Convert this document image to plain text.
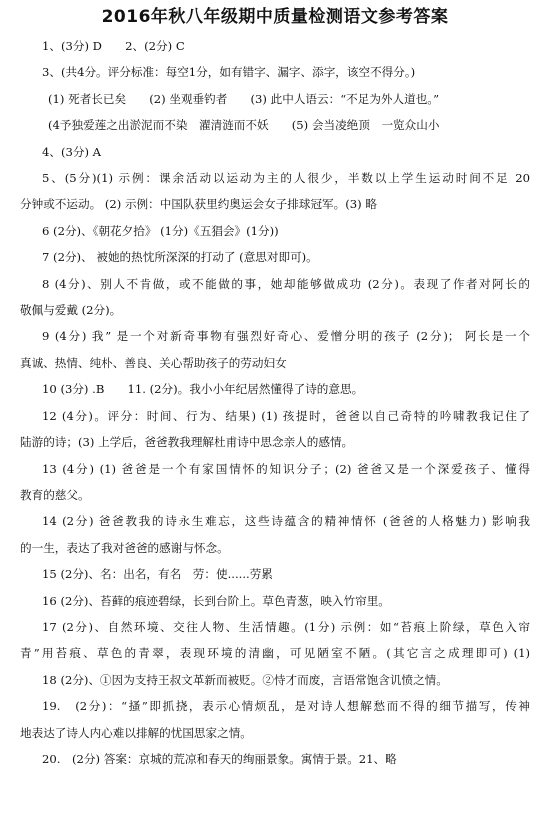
2016年秋八年级期中质量检测语文参考答案
1、(3分) D　　2、(2分) C
3、(共4分。评分标准：每空1分，如有错字、漏字、添字，该空不得分。)
(1) 死者长已矣　　(2) 坐观垂钓者　　(3) 此中人语云：“不足为外人道也。”
(4予独爱莲之出淤泥而不染　濯清涟而不妖　　(5) 会当凌绝顶　一览众山小
4、(3分) A
5、(5分)(1) 示例：课余活动以运动为主的人很少，半数以上学生运动时间不足 20
分钟或不运动。 (2) 示例：中国队获里约奥运会女子排球冠军。(3) 略
6 (2分)、《朝花夕拾》 (1分)《五猖会》(1分))
7 (2分)、 被她的热忱所深深的打动了 (意思对即可)。
8 (4分)、别人不肯做，或不能做的事，她却能够做成功 (2分)。表现了作者对阿长的
敬佩与爱戴 (2分)。
9 (4分) 我” 是一个对新奇事物有强烈好奇心、爱憎分明的孩子 (2分)； 阿长是一个
真诚、热情、纯朴、善良、关心帮助孩子的劳动妇女
10 (3分) .B　　11. (2分)。我小小年纪居然懂得了诗的意思。
12 (4分)。评分：时间、行为、结果) (1) 孩提时，爸爸以自己奇特的吟啸教我记住了
陆游的诗；(3) 上学后，爸爸教我理解杜甫诗中思念亲人的感情。
13 (4分) (1) 爸爸是一个有家国情怀的知识分子；(2) 爸爸又是一个深爱孩子、懂得
教育的慈父。
14 (2分) 爸爸教我的诗永生难忘，这些诗蕴含的精神情怀 (爸爸的人格魅力) 影响我
的一生，表达了我对爸爸的感谢与怀念。
15 (2分)、名：出名，有名　劳：使......劳累
16 (2分)、苔藓的痕迹碧绿，长到台阶上。草色青葱，映入竹帘里。
17 (2分)、自然环境、交往人物、生活情趣。(1分) 示例：如“苔痕上阶绿，草色入帘
青”用苔痕、草色的青翠，表现环境的清幽，可见陋室不陋。(其它言之成理即可) (1)
18 (2分)、①因为支持王叔文革新而被贬。②恃才而废，言语常饱含讥愤之情。
19.　(2分)：“搔”即抓挠，表示心情烦乱，是对诗人想解愁而不得的细节描写，传神
地表达了诗人内心难以排解的忧国思家之情。
20.　(2分) 答案：京城的荒凉和春天的绚丽景象。寓情于景。21、略
